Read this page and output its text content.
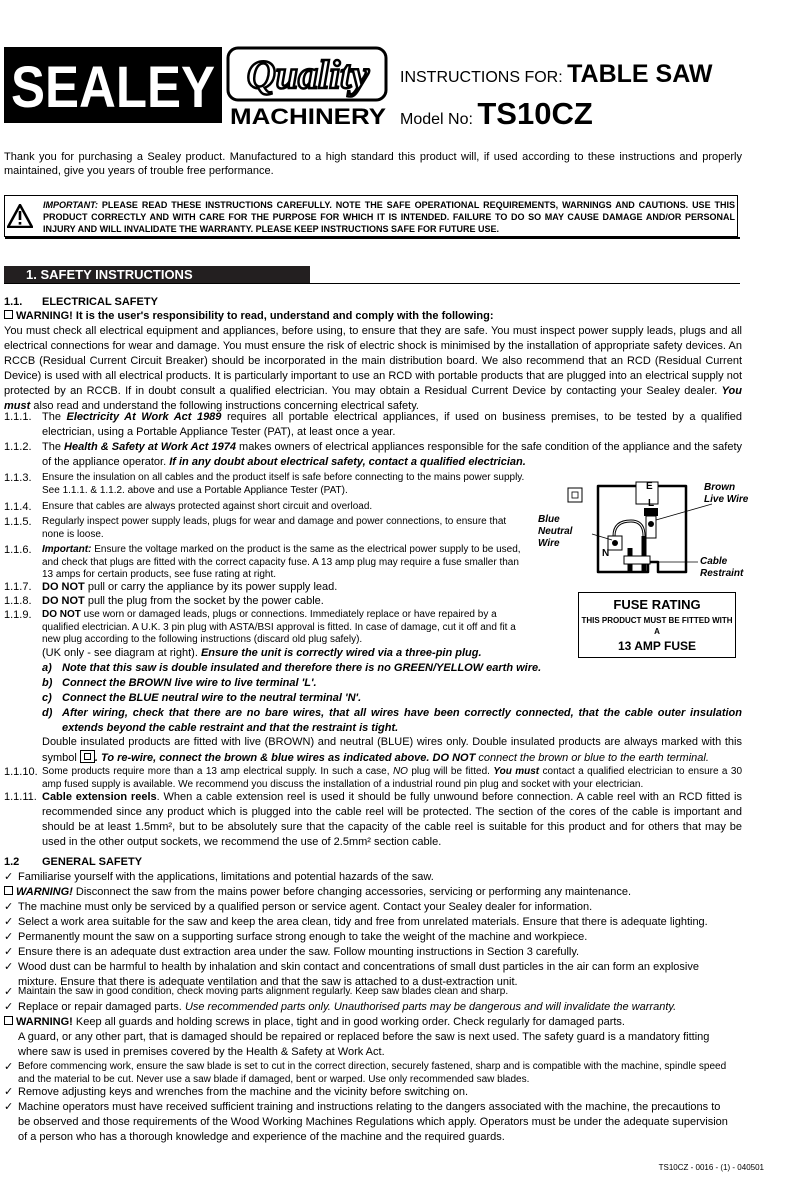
SEALEY Quality
MACHINERY
INSTRUCTIONS FOR: TABLE SAW
Model No: TS10CZ
Thank you for purchasing a Sealey product. Manufactured to a high standard this product will, if used according to these instructions and properly maintained, give you years of trouble free performance.
IMPORTANT: PLEASE READ THESE INSTRUCTIONS CAREFULLY. NOTE THE SAFE OPERATIONAL REQUIREMENTS, WARNINGS AND CAUTIONS. USE THIS PRODUCT CORRECTLY AND WITH CARE FOR THE PURPOSE FOR WHICH IT IS INTENDED. FAILURE TO DO SO MAY CAUSE DAMAGE AND/OR PERSONAL INJURY AND WILL INVALIDATE THE WARRANTY. PLEASE KEEP INSTRUCTIONS SAFE FOR FUTURE USE.
1. SAFETY INSTRUCTIONS
1.1. ELECTRICAL SAFETY
WARNING! It is the user's responsibility to read, understand and comply with the following:
You must check all electrical equipment and appliances, before using, to ensure that they are safe. You must inspect power supply leads, plugs and all electrical connections for wear and damage. You must ensure the risk of electric shock is minimised by the installation of appropriate safety devices. An RCCB (Residual Current Circuit Breaker) should be incorporated in the main distribution board. We also recommend that an RCD (Residual Current Device) is used with all electrical products. It is particularly important to use an RCD with portable products that are plugged into an electrical supply not protected by an RCCB. If in doubt consult a qualified electrician. You may obtain a Residual Current Device by contacting your Sealey dealer. You must also read and understand the following instructions concerning electrical safety.
1.1.1. The Electricity At Work Act 1989 requires all portable electrical appliances, if used on business premises, to be tested by a qualified electrician, using a Portable Appliance Tester (PAT), at least once a year.
1.1.2. The Health & Safety at Work Act 1974 makes owners of electrical appliances responsible for the safe condition of the appliance and the safety of the appliance operator. If in any doubt about electrical safety, contact a qualified electrician.
1.1.3. Ensure the insulation on all cables and the product itself is safe before connecting to the mains power supply. See 1.1.1. & 1.1.2. above and use a Portable Appliance Tester (PAT).
1.1.4. Ensure that cables are always protected against short circuit and overload.
1.1.5. Regularly inspect power supply leads, plugs for wear and damage and power connections, to ensure that none is loose.
1.1.6. Important: Ensure the voltage marked on the product is the same as the electrical power supply to be used, and check that plugs are fitted with the correct capacity fuse. A 13 amp plug may require a fuse smaller than 13 amps for certain products, see fuse rating at right.
1.1.7. DO NOT pull or carry the appliance by its power supply lead.
1.1.8. DO NOT pull the plug from the socket by the power cable.
1.1.9. DO NOT use worn or damaged leads, plugs or connections. Immediately replace or have repaired by a qualified electrician. A U.K. 3 pin plug with ASTA/BSI approval is fitted. In case of damage, cut it off and fit a new plug according to the following instructions (discard old plug safely).
(UK only - see diagram at right). Ensure the unit is correctly wired via a three-pin plug.
a) Note that this saw is double insulated and therefore there is no GREEN/YELLOW earth wire.
b) Connect the BROWN live wire to live terminal 'L'.
c) Connect the BLUE neutral wire to the neutral terminal 'N'.
d) After wiring, check that there are no bare wires, that all wires have been correctly connected, that the cable outer insulation extends beyond the cable restraint and that the restraint is tight.
Double insulated products are fitted with live (BROWN) and neutral (BLUE) wires only. Double insulated products are always marked with this symbol
. To re-wire, connect the brown & blue wires as indicated above. DO NOT connect the brown or blue to the earth terminal.
1.1.10. Some products require more than a 13 amp electrical supply. In such a case, NO plug will be fitted. You must contact a qualified electrician to ensure a 30 amp fused supply is available. We recommend you discuss the installation of a industrial round pin plug and socket with your electrician.
1.1.11. Cable extension reels. When a cable extension reel is used it should be fully unwound before connection. A cable reel with an RCD fitted is recommended since any product which is plugged into the cable reel will be protected. The section of the cores of the cable is important and should be at least 1.5mm², but to be absolutely sure that the capacity of the cable reel is suitable for this product and for others that may be used in the other output sockets, we recommend the use of 2.5mm² section cable.
E
L
N
Brown Live Wire
Blue Neutral Wire
Cable Restraint
FUSE RATING
THIS PRODUCT MUST BE FITTED WITH A
13 AMP FUSE
1.2 GENERAL SAFETY
✓ Familiarise yourself with the applications, limitations and potential hazards of the saw.
WARNING! Disconnect the saw from the mains power before changing accessories, servicing or performing any maintenance.
✓ The machine must only be serviced by a qualified person or service agent. Contact your Sealey dealer for information.
✓ Select a work area suitable for the saw and keep the area clean, tidy and free from unrelated materials. Ensure that there is adequate lighting.
✓ Permanently mount the saw on a supporting surface strong enough to take the weight of the machine and workpiece.
✓ Ensure there is an adequate dust extraction area under the saw. Follow mounting instructions in Section 3 carefully.
✓ Wood dust can be harmful to health by inhalation and skin contact and concentrations of small dust particles in the air can form an explosive mixture. Ensure that there is adequate ventilation and that the saw is attached to a dust-extraction unit.
✓ Maintain the saw in good condition, check moving parts alignment regularly. Keep saw blades clean and sharp.
✓ Replace or repair damaged parts. Use recommended parts only. Unauthorised parts may be dangerous and will invalidate the warranty.
WARNING! Keep all guards and holding screws in place, tight and in good working order. Check regularly for damaged parts.
A guard, or any other part, that is damaged should be repaired or replaced before the saw is next used. The safety guard is a mandatory fitting where saw is used in premises covered by the Health & Safety at Work Act.
✓ Before commencing work, ensure the saw blade is set to cut in the correct direction, securely fastened, sharp and is compatible with the machine, spindle speed and the material to be cut. Never use a saw blade if damaged, bent or warped. Use only recommended saw blades.
✓ Remove adjusting keys and wrenches from the machine and the vicinity before switching on.
✓ Machine operators must have received sufficient training and instructions relating to the dangers associated with the machine, the precautions to be observed and those requirements of the Wood Working Machines Regulations which apply. Operators must be under the adequate supervision of a person who has a thorough knowledge and experience of the machine and the required guards.
TS10CZ - 0016 - (1) - 040501
